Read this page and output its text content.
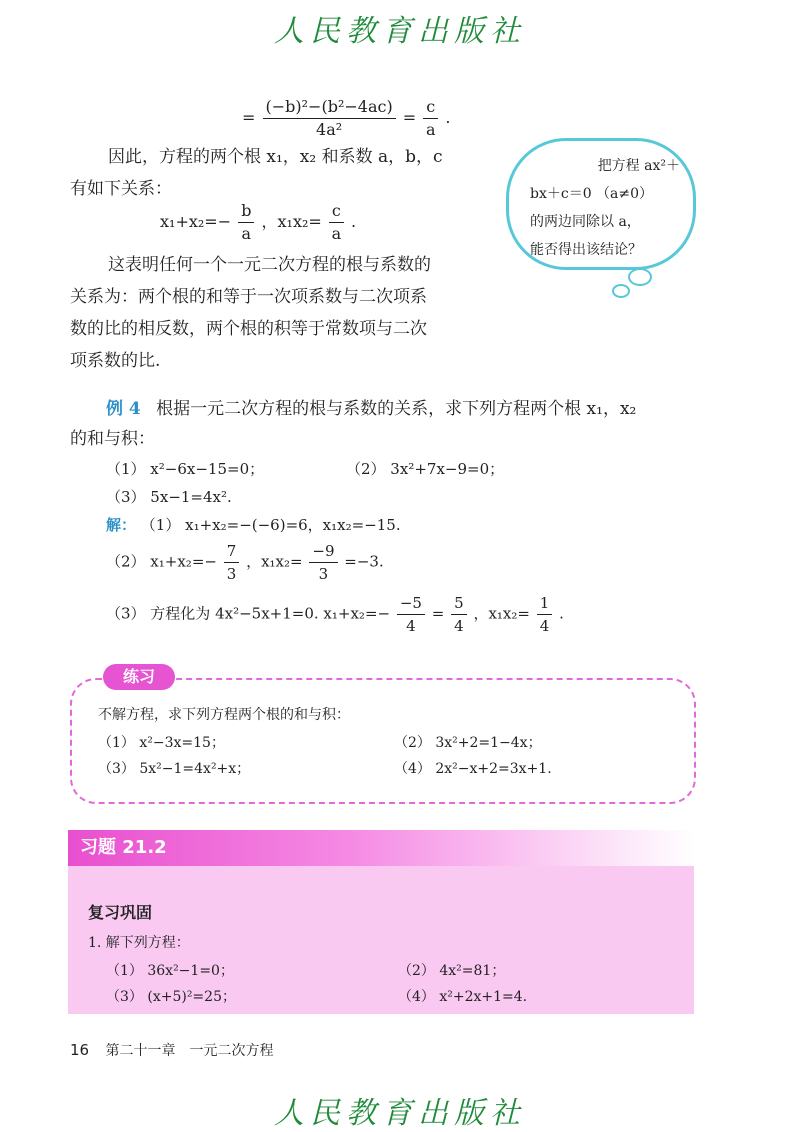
人民教育出版社
= $\frac{\text{(−b)²−(b²−4ac)}}{\text{4a²}} = \frac{c}{a}$ .
因此，方程的两个根 x₁，x₂ 和系数 a，b，c
有如下关系：
$x_1+x_2=- \frac{b}{a}$ ，$x_1x_2= \frac{c}{a}$ .
这表明任何一个一元二次方程的根与系数的
关系为：两个根的和等于一次项系数与二次项系
数的比的相反数，两个根的积等于常数项与二次
项系数的比.
把方程 ax²＋
bx＋c＝0 （a≠0）
的两边同除以 a，
能否得出该结论？
例 4 根据一元二次方程的根与系数的关系，求下列方程两个根 x₁，x₂
的和与积：
（1） x²−6x−15=0；	（2） 3x²+7x−9=0；
（3） 5x−1=4x².
解： （1） x₁+x₂=−(−6)=6，x₁x₂=−15.
（2） $x_1+x_2=- \frac{7}{3}$ ，$x_1x_2= \frac{-9}{3} =-3$.
（3） 方程化为 4x²−5x+1=0. $x_1+x_2=- \frac{-5}{4} = \frac{5}{4}$ ，$x_1x_2= \frac{1}{4}$ .
练习
不解方程，求下列方程两个根的和与积：
（1） x²−3x=15；	（2） 3x²+2=1−4x；
（3） 5x²−1=4x²+x；	（4） 2x²−x+2=3x+1.
习题 21.2
复习巩固
1. 解下列方程：
（1） 36x²−1=0；	（2） 4x²=81；
（3） (x+5)²=25；	（4） x²+2x+1=4.
16 第二十一章　一元二次方程
人民教育出版社
